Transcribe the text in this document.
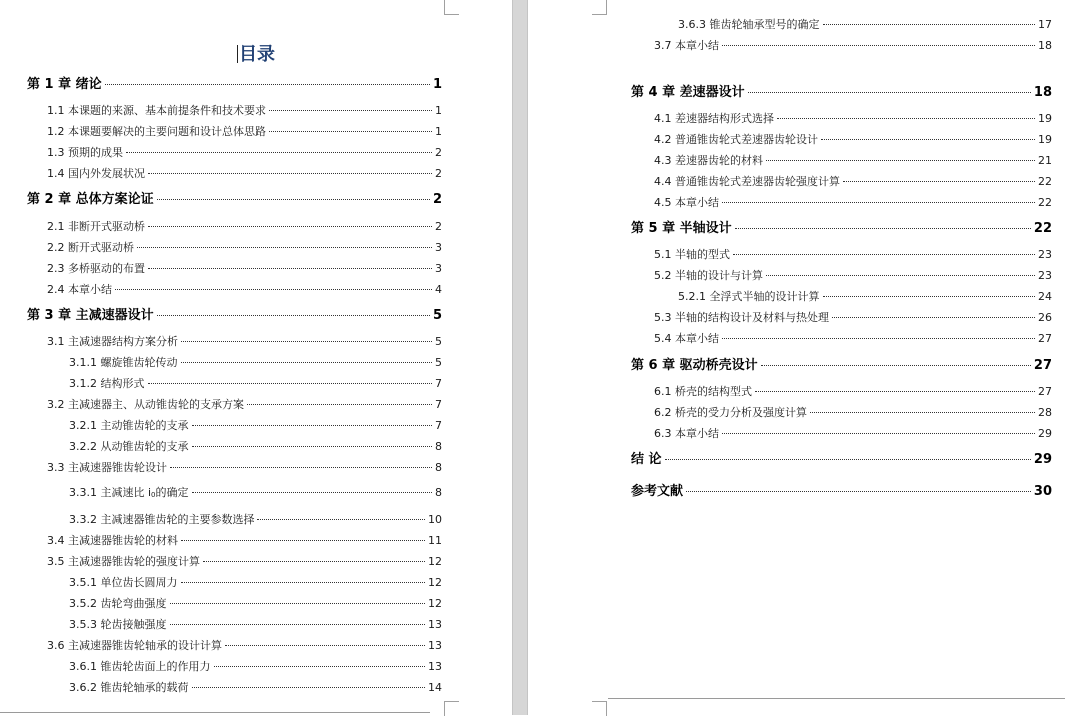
目录
第 1 章 绪论	1
1.1 本课题的来源、基本前提条件和技术要求	1
1.2 本课题要解决的主要问题和设计总体思路	1
1.3 预期的成果	2
1.4 国内外发展状况	2
第 2 章 总体方案论证	2
2.1 非断开式驱动桥	2
2.2 断开式驱动桥	3
2.3 多桥驱动的布置	3
2.4 本章小结	4
第 3 章 主减速器设计	5
3.1 主减速器结构方案分析	5
3.1.1 螺旋锥齿轮传动	5
3.1.2 结构形式	7
3.2 主减速器主、从动锥齿轮的支承方案	7
3.2.1 主动锥齿轮的支承	7
3.2.2 从动锥齿轮的支承	8
3.3 主减速器锥齿轮设计	8
3.3.1 主减速比 $i_0$的确定	8
3.3.2 主减速器锥齿轮的主要参数选择	10
3.4 主减速器锥齿轮的材料	11
3.5 主减速器锥齿轮的强度计算	12
3.5.1 单位齿长圆周力	12
3.5.2 齿轮弯曲强度	12
3.5.3 轮齿接触强度	13
3.6 主减速器锥齿轮轴承的设计计算	13
3.6.1 锥齿轮齿面上的作用力	13
3.6.2 锥齿轮轴承的载荷	14
3.6.3 锥齿轮轴承型号的确定	17
3.7 本章小结	18
第 4 章 差速器设计	18
4.1 差速器结构形式选择	19
4.2 普通锥齿轮式差速器齿轮设计	19
4.3 差速器齿轮的材料	21
4.4 普通锥齿轮式差速器齿轮强度计算	22
4.5 本章小结	22
第 5 章 半轴设计	22
5.1 半轴的型式	23
5.2 半轴的设计与计算	23
5.2.1 全浮式半轴的设计计算	24
5.3 半轴的结构设计及材料与热处理	26
5.4 本章小结	27
第 6 章 驱动桥壳设计	27
6.1 桥壳的结构型式	27
6.2 桥壳的受力分析及强度计算	28
6.3 本章小结	29
结 论	29
参考文献	30
